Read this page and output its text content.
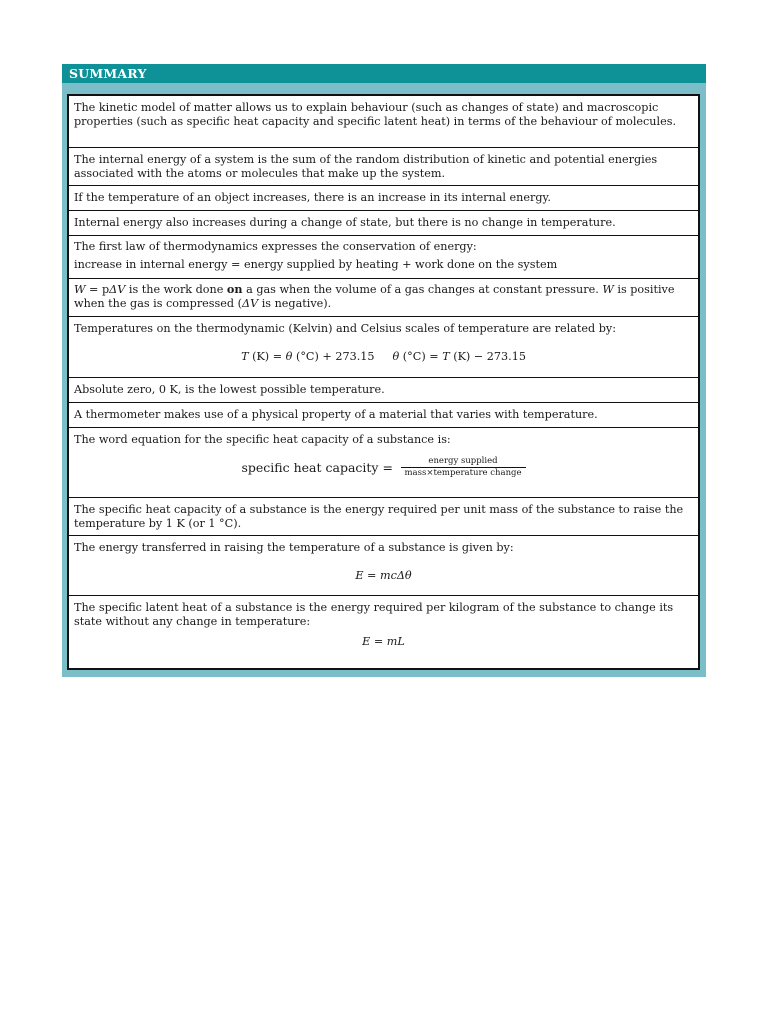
SUMMARY

The kinetic model of matter allows us to explain behaviour (such as changes of state) and macroscopic properties (such as specific heat capacity and specific latent heat) in terms of the behaviour of molecules.

The internal energy of a system is the sum of the random distribution of kinetic and potential energies associated with the atoms or molecules that make up the system.

If the temperature of an object increases, there is an increase in its internal energy.

Internal energy also increases during a change of state, but there is no change in temperature.

The first law of thermodynamics expresses the conservation of energy:

increase in internal energy = energy supplied by heating + work done on the system

W = pΔV is the work done on a gas when the volume of a gas changes at constant pressure. W is positive when the gas is compressed (ΔV is negative).

Temperatures on the thermodynamic (Kelvin) and Celsius scales of temperature are related by:

T (K) = θ (°C) + 273.15 θ (°C) = T (K) − 273.15

Absolute zero, 0 K, is the lowest possible temperature.

A thermometer makes use of a physical property of a material that varies with temperature.

The word equation for the specific heat capacity of a substance is:

specific heat capacity = $\frac{\text{energy supplied}}{\text{mass×temperature change}}$

The specific heat capacity of a substance is the energy required per unit mass of the substance to raise the temperature by 1 K (or 1 °C).

The energy transferred in raising the temperature of a substance is given by:

E = mcΔθ

The specific latent heat of a substance is the energy required per kilogram of the substance to change its state without any change in temperature:

E = mL
